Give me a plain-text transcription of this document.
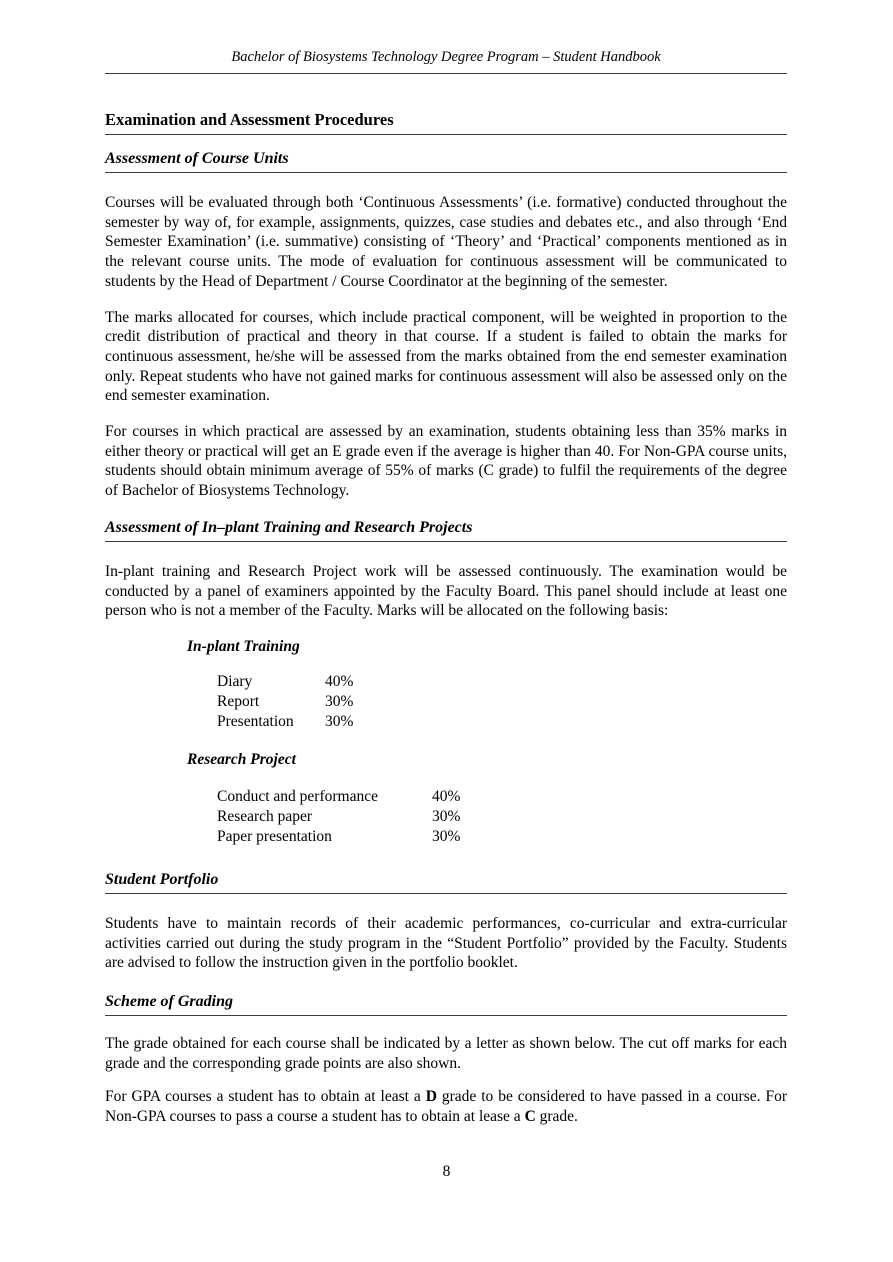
Bachelor of Biosystems Technology Degree Program – Student Handbook
Examination and Assessment Procedures
Assessment of Course Units

Courses will be evaluated through both ‘Continuous Assessments’ (i.e. formative) conducted throughout the semester by way of, for example, assignments, quizzes, case studies and debates etc., and also through ‘End Semester Examination’ (i.e. summative) consisting of ‘Theory’ and ‘Practical’ components mentioned as in the relevant course units. The mode of evaluation for continuous assessment will be communicated to students by the Head of Department / Course Coordinator at the beginning of the semester.

The marks allocated for courses, which include practical component, will be weighted in proportion to the credit distribution of practical and theory in that course. If a student is failed to obtain the marks for continuous assessment, he/she will be assessed from the marks obtained from the end semester examination only. Repeat students who have not gained marks for continuous assessment will also be assessed only on the end semester examination.

For courses in which practical are assessed by an examination, students obtaining less than 35% marks in either theory or practical will get an E grade even if the average is higher than 40. For Non-GPA course units, students should obtain minimum average of 55% of marks (C grade) to fulfil the requirements of the degree of Bachelor of Biosystems Technology.

Assessment of In–plant Training and Research Projects

In-plant training and Research Project work will be assessed continuously. The examination would be conducted by a panel of examiners appointed by the Faculty Board. This panel should include at least one person who is not a member of the Faculty. Marks will be allocated on the following basis:

In-plant Training
Diary	40%
Report	30%
Presentation	30%
Research Project
Conduct and performance	40%
Research paper	30%
Paper presentation	30%
Student Portfolio

Students have to maintain records of their academic performances, co-curricular and extra-curricular activities carried out during the study program in the “Student Portfolio” provided by the Faculty. Students are advised to follow the instruction given in the portfolio booklet.

Scheme of Grading

The grade obtained for each course shall be indicated by a letter as shown below. The cut off marks for each grade and the corresponding grade points are also shown.

For GPA courses a student has to obtain at least a D grade to be considered to have passed in a course. For Non-GPA courses to pass a course a student has to obtain at lease a C grade.

8
